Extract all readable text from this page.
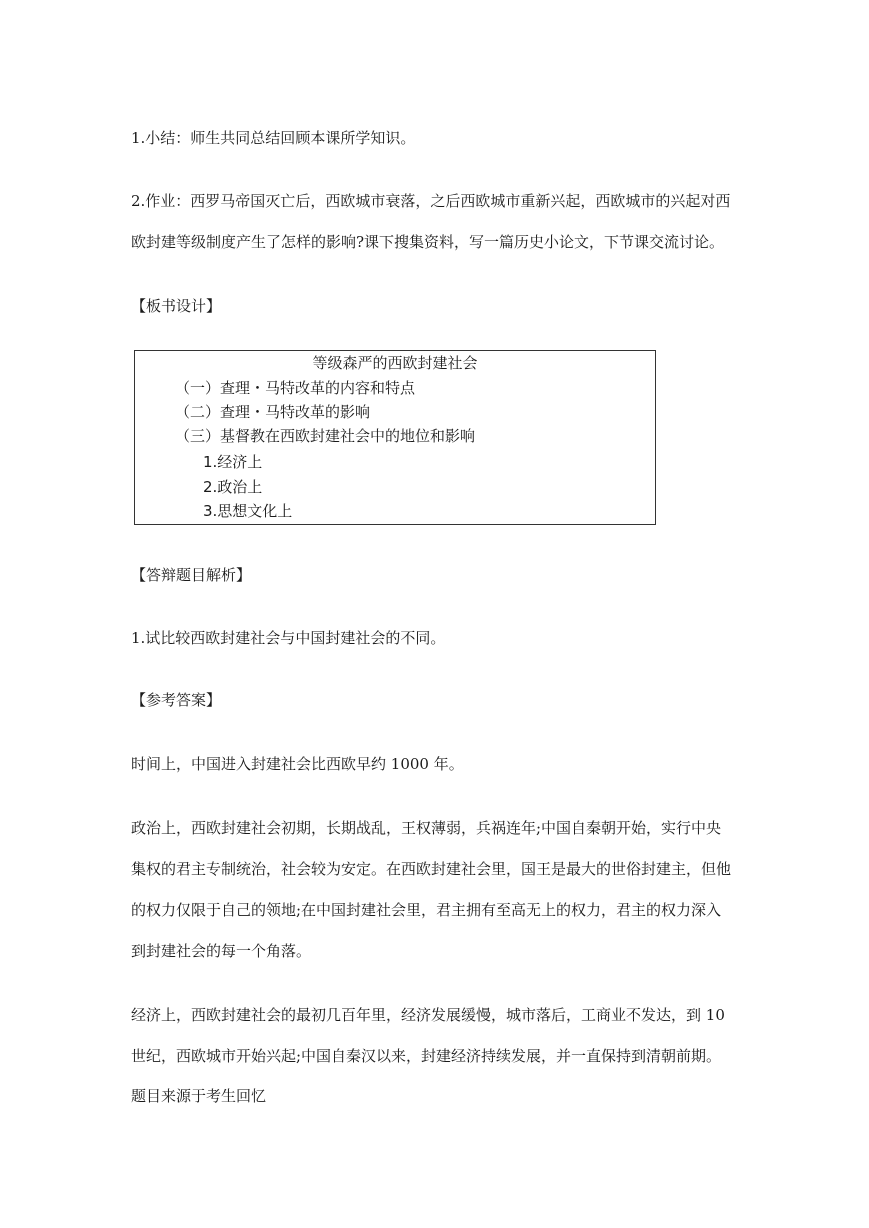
1.小结：师生共同总结回顾本课所学知识。
2.作业：西罗马帝国灭亡后，西欧城市衰落，之后西欧城市重新兴起，西欧城市的兴起对西
欧封建等级制度产生了怎样的影响?课下搜集资料，写一篇历史小论文，下节课交流讨论。
【板书设计】
等级森严的西欧封建社会
（一）查理・马特改革的内容和特点
（二）查理・马特改革的影响
（三）基督教在西欧封建社会中的地位和影响
1.经济上
2.政治上
3.思想文化上
【答辩题目解析】
1.试比较西欧封建社会与中国封建社会的不同。
【参考答案】
时间上，中国进入封建社会比西欧早约 1000 年。
政治上，西欧封建社会初期，长期战乱，王权薄弱，兵祸连年;中国自秦朝开始，实行中央
集权的君主专制统治，社会较为安定。在西欧封建社会里，国王是最大的世俗封建主，但他
的权力仅限于自己的领地;在中国封建社会里，君主拥有至高无上的权力，君主的权力深入
到封建社会的每一个角落。
经济上，西欧封建社会的最初几百年里，经济发展缓慢，城市落后，工商业不发达，到 10
世纪，西欧城市开始兴起;中国自秦汉以来，封建经济持续发展，并一直保持到清朝前期。
题目来源于考生回忆
